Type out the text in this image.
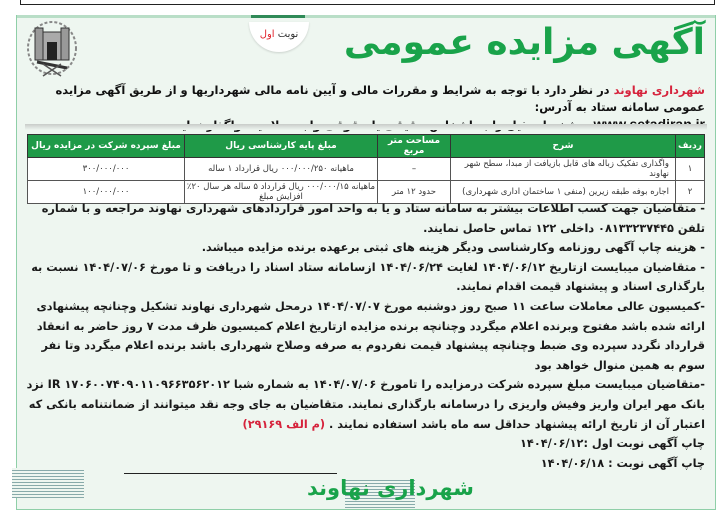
نوبت اول	آگهی مزایده عمومی
شهرداری نهاوند در نظر دارد با توجه به شرایط و مقررات مالی و آیین نامه مالی شهرداریها و از طریق آگهی مزایده عمومی سامانه ستاد به آدرس:

ردیف	شرح	مساحت متر مربع	مبلغ پایه کارشناسی ریال	مبلغ سپرده شرکت در مزایده ریال
۱	واگذاری تفکیک زباله های قابل بازیافت از مبدا، سطح شهر نهاوند	–	ماهیانه ۰۰۰/۰۰۰/۲۵۰ ریال قرارداد ۱ ساله	۳۰۰/۰۰۰/۰۰۰
۲	اجاره بوفه طبقه زیرین (منفی ۱ ساختمان اداری شهرداری)	حدود ۱۲ متر	ماهیانه ۰۰۰/۰۰۰/۱۵ ریال قرارداد ۵ ساله هر سال ۲۰٪ افزایش مبلغ	۱۰۰/۰۰۰/۰۰۰

- متقاضیان جهت کسب اطلاعات بیشتر به سامانه ستاد و یا به واحد امور قراردادهای شهرداری نهاوند مراجعه و با شماره تلفن ۰۸۱۳۳۲۳۷۴۴۵ داخلی ۱۲۲ تماس حاصل نمایند.

- هزینه چاپ آگهی روزنامه وکارشناسی ودیگر هزینه های ثبتی برعهده برنده مزایده میباشد.

- متقاضیان میبایست ازتاریخ ۱۴۰۴/۰۶/۱۲ لغایت ۱۴۰۴/۰۶/۲۴ ازسامانه ستاد اسناد را دریافت و تا مورخ ۱۴۰۴/۰۷/۰۶ نسبت به بارگذاری اسناد و پیشنهاد قیمت اقدام نمایند.

-کمیسیون عالی معاملات ساعت ۱۱ صبح روز دوشنبه مورخ ۱۴۰۴/۰۷/۰۷ درمحل شهرداری نهاوند تشکیل وچنانچه پیشنهادی ارائه شده باشد مفتوح وبرنده اعلام میگردد وچنانچه برنده مزایده ازتاریخ اعلام کمیسیون ظرف مدت ۷ روز حاضر به انعقاد قرارداد نگردد سپرده وی ضبط وچنانچه پیشنهاد قیمت نفردوم به صرفه وصلاح شهرداری باشد برنده اعلام میگردد وتا نفر سوم به همین منوال خواهد بود

-متقاضیان میبایست مبلغ سپرده شرکت درمزایده را تامورخ ۱۴۰۴/۰۷/۰۶ به شماره شبا IR ۱۷۰۶۰۰۷۴۰۹۰۱۱۰۹۶۶۳۵۶۲۰۱۲ نزد بانک مهر ایران واریز وفیش واریزی را درسامانه بارگذاری نمایند. متقاضیان به جای وجه نقد میتوانند از ضمانتنامه بانکی که اعتبار آن از تاریخ ارائه پیشنهاد حداقل سه ماه باشد استفاده نمایند . (م الف ۲۹۱۶۹)

چاپ آگهی نوبت اول :۱۴۰۴/۰۶/۱۲

چاپ آگهی نوبت : ۱۴۰۴/۰۶/۱۸

شهرداری نهاوند
